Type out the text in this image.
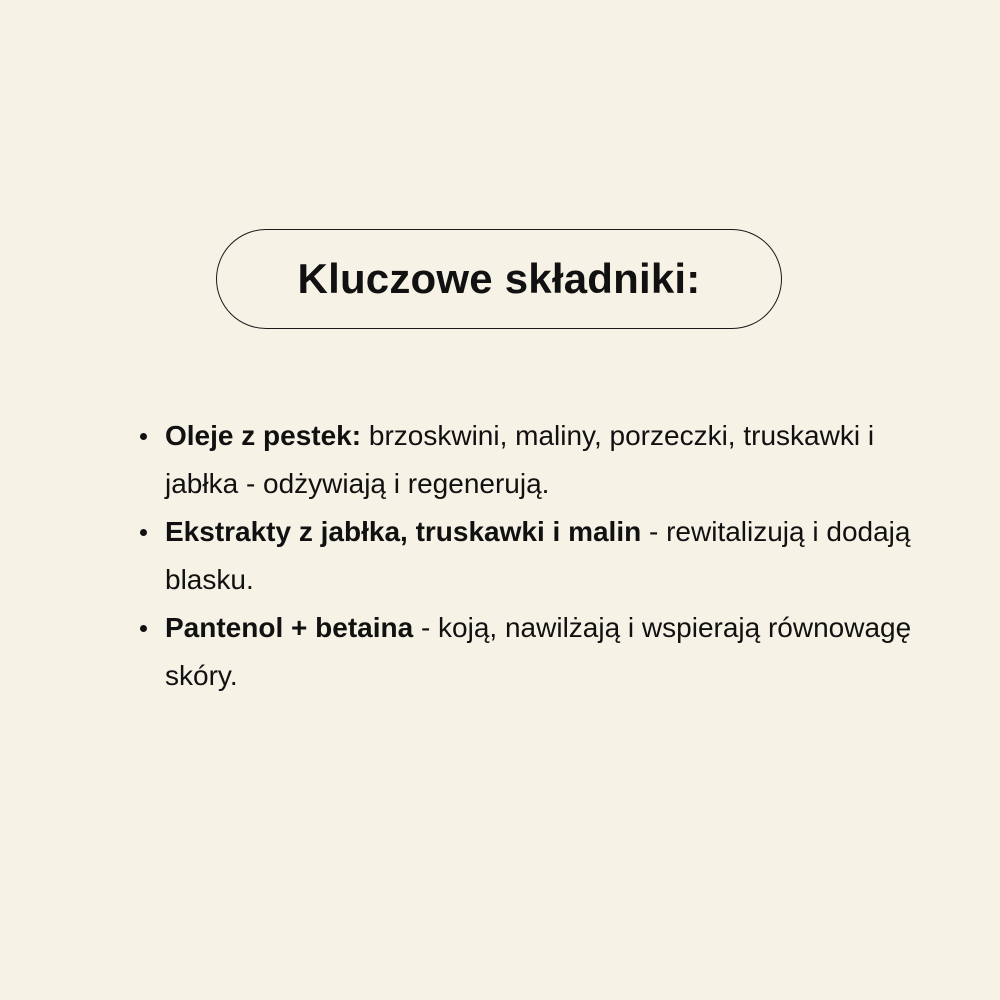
Kluczowe składniki:
Oleje z pestek: brzoskwini, maliny, porzeczki, truskawki i jabłka - odżywiają i regenerują.
Ekstrakty z jabłka, truskawki i malin - rewitalizują i dodają blasku.
Pantenol + betaina - koją, nawilżają i wspierają równowagę skóry.
